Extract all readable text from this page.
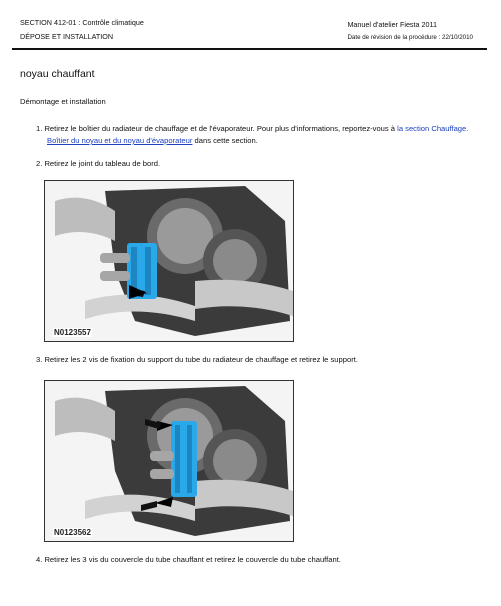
SECTION 412-01 : Contrôle climatique
DÉPOSE ET INSTALLATION
Manuel d'atelier Fiesta 2011
Date de révision de la procédure : 22/10/2010
noyau chauffant
Démontage et installation
1. Retirez le boîtier du radiateur de chauffage et de l'évaporateur. Pour plus d'informations, reportez-vous à la section Chauffage.
Boîtier du noyau et du noyau d'évaporateur dans cette section.
2. Retirez le joint du tableau de bord.
N0123557
3. Retirez les 2 vis de fixation du support du tube du radiateur de chauffage et retirez le support.
N0123562
4. Retirez les 3 vis du couvercle du tube chauffant et retirez le couvercle du tube chauffant.
